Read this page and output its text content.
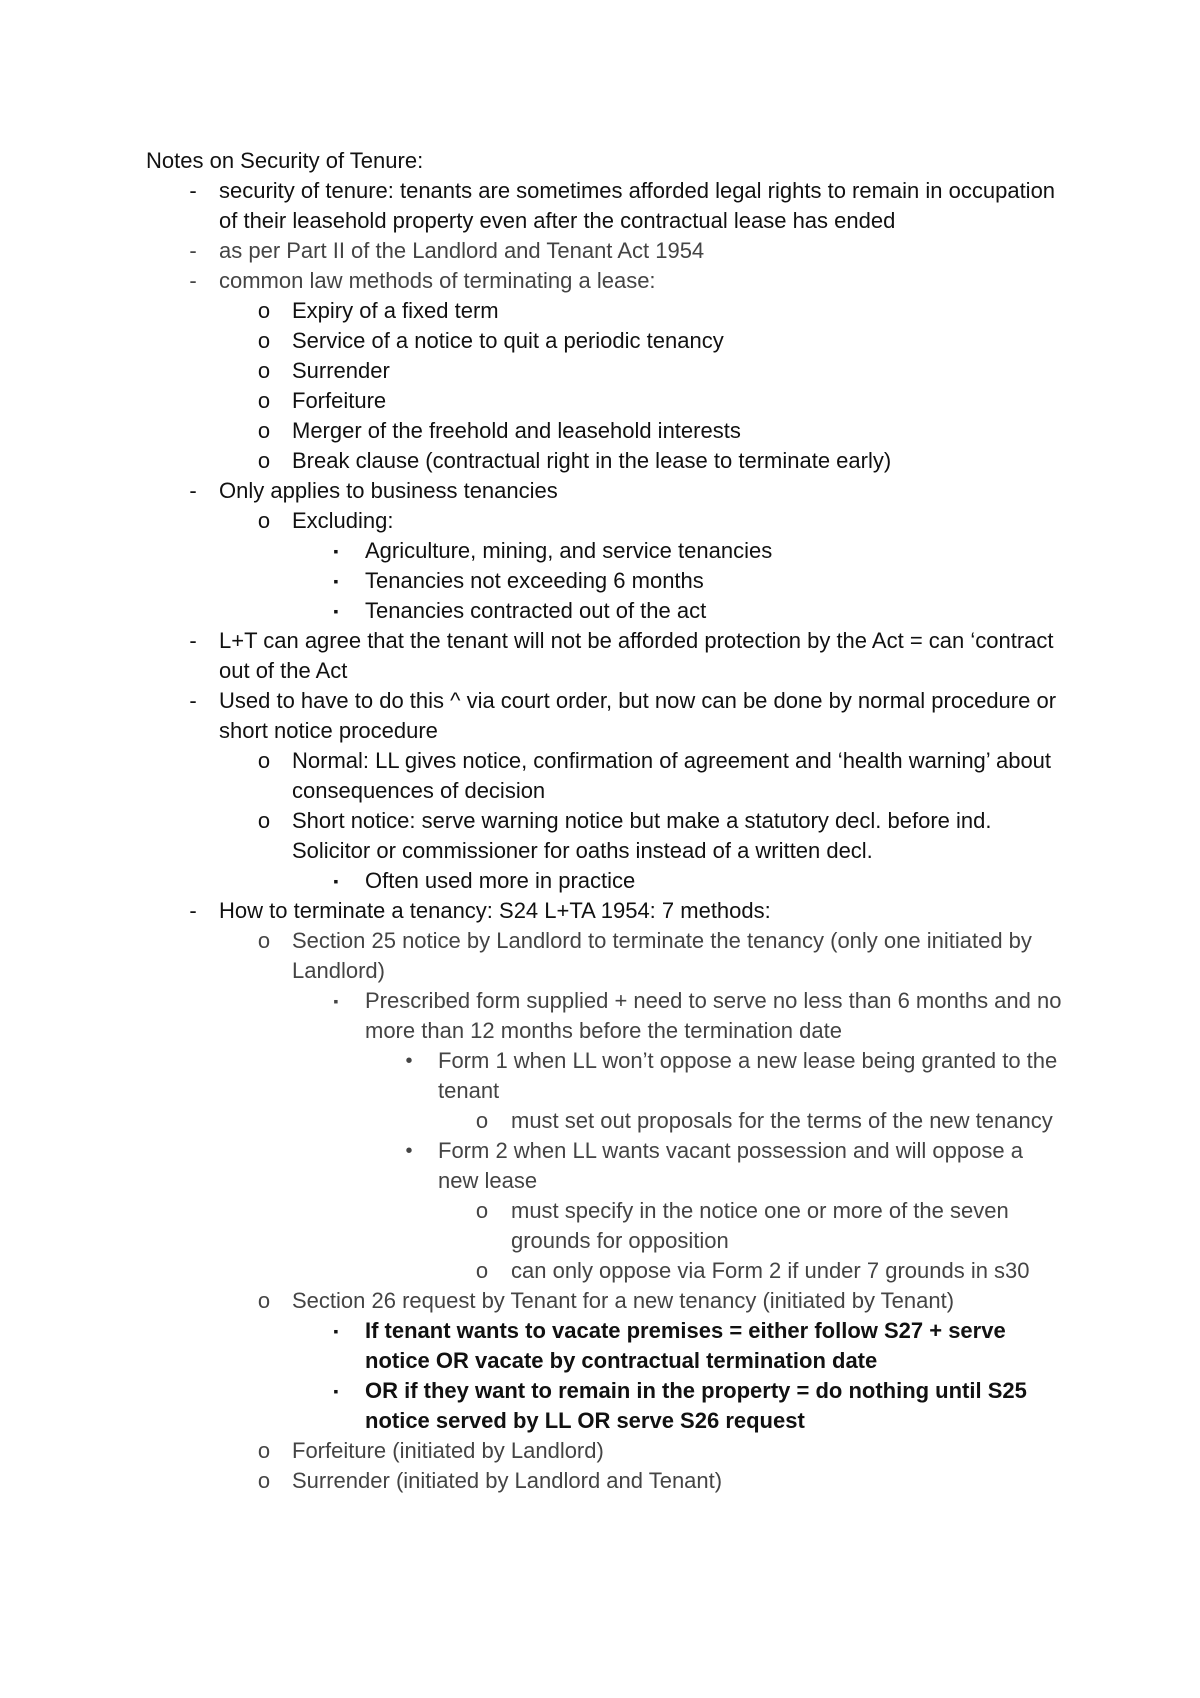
Notes on Security of Tenure:
- security of tenure: tenants are sometimes afforded legal rights to remain in occupation of their leasehold property even after the contractual lease has ended
- as per Part II of the Landlord and Tenant Act 1954
- common law methods of terminating a lease:
o Expiry of a fixed term
o Service of a notice to quit a periodic tenancy
o Surrender
o Forfeiture
o Merger of the freehold and leasehold interests
o Break clause (contractual right in the lease to terminate early)
- Only applies to business tenancies
o Excluding:
▪ Agriculture, mining, and service tenancies
▪ Tenancies not exceeding 6 months
▪ Tenancies contracted out of the act
- L+T can agree that the tenant will not be afforded protection by the Act = can ‘contract out of the Act
- Used to have to do this ^ via court order, but now can be done by normal procedure or short notice procedure
o Normal: LL gives notice, confirmation of agreement and ‘health warning’ about consequences of decision
o Short notice: serve warning notice but make a statutory decl. before ind. Solicitor or commissioner for oaths instead of a written decl.
▪ Often used more in practice
- How to terminate a tenancy: S24 L+TA 1954: 7 methods:
o Section 25 notice by Landlord to terminate the tenancy (only one initiated by Landlord)
▪ Prescribed form supplied + need to serve no less than 6 months and no more than 12 months before the termination date
• Form 1 when LL won’t oppose a new lease being granted to the tenant
o must set out proposals for the terms of the new tenancy
• Form 2 when LL wants vacant possession and will oppose a new lease
o must specify in the notice one or more of the seven grounds for opposition
o can only oppose via Form 2 if under 7 grounds in s30
o Section 26 request by Tenant for a new tenancy (initiated by Tenant)
▪ If tenant wants to vacate premises = either follow S27 + serve notice OR vacate by contractual termination date
▪ OR if they want to remain in the property = do nothing until S25 notice served by LL OR serve S26 request
o Forfeiture (initiated by Landlord)
o Surrender (initiated by Landlord and Tenant)
